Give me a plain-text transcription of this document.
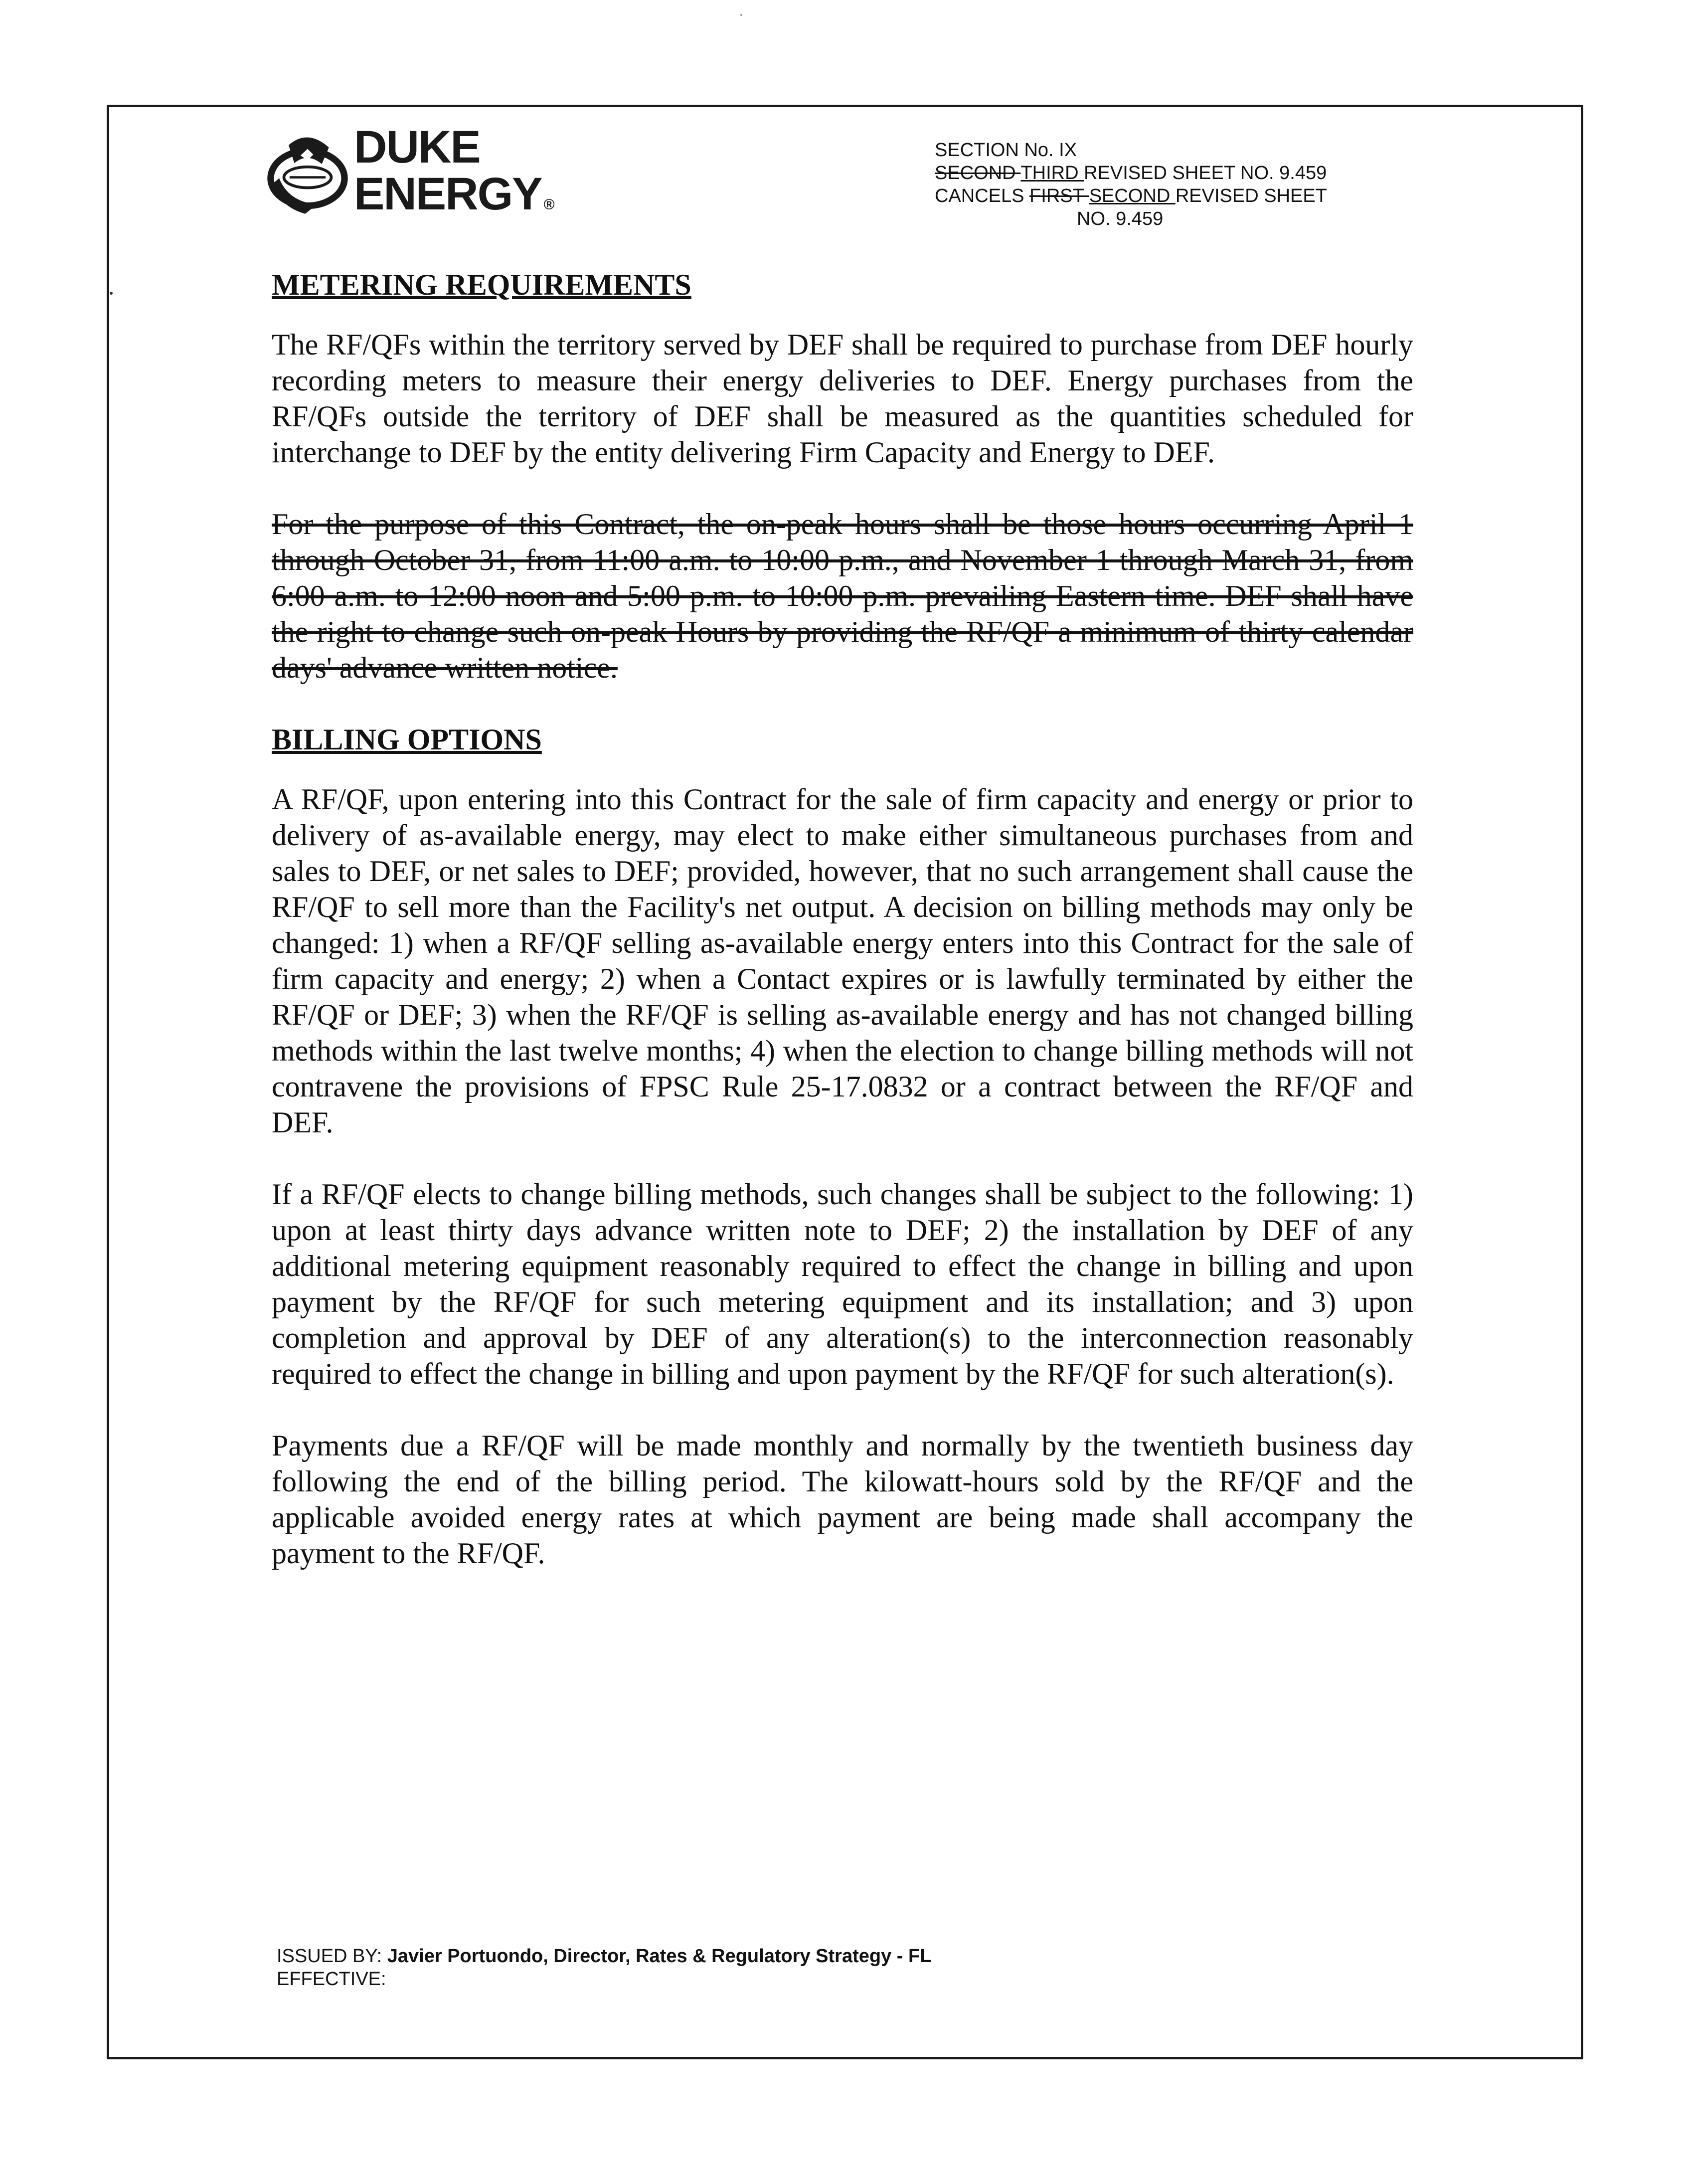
DUKE
ENERGY ®
SECTION No. IX
SECOND THIRD REVISED SHEET NO. 9.459
CANCELS FIRST SECOND REVISED SHEET
NO. 9.459
METERING REQUIREMENTS
The RF/QFs within the territory served by DEF shall be required to purchase from DEF hourly recording meters to measure their energy deliveries to DEF. Energy purchases from the RF/QFs outside the territory of DEF shall be measured as the quantities scheduled for interchange to DEF by the entity delivering Firm Capacity and Energy to DEF.
For the purpose of this Contract, the on-peak hours shall be those hours occurring April 1 through October 31, from 11:00 a.m. to 10:00 p.m., and November 1 through March 31, from 6:00 a.m. to 12:00 noon and 5:00 p.m. to 10:00 p.m. prevailing Eastern time. DEF shall have the right to change such on-peak Hours by providing the RF/QF a minimum of thirty calendar days' advance written notice.
BILLING OPTIONS
A RF/QF, upon entering into this Contract for the sale of firm capacity and energy or prior to delivery of as-available energy, may elect to make either simultaneous purchases from and sales to DEF, or net sales to DEF; provided, however, that no such arrangement shall cause the RF/QF to sell more than the Facility's net output. A decision on billing methods may only be changed: 1) when a RF/QF selling as-available energy enters into this Contract for the sale of firm capacity and energy; 2) when a Contact expires or is lawfully terminated by either the RF/QF or DEF; 3) when the RF/QF is selling as-available energy and has not changed billing methods within the last twelve months; 4) when the election to change billing methods will not contravene the provisions of FPSC Rule 25-17.0832 or a contract between the RF/QF and DEF.
If a RF/QF elects to change billing methods, such changes shall be subject to the following: 1) upon at least thirty days advance written note to DEF; 2) the installation by DEF of any additional metering equipment reasonably required to effect the change in billing and upon payment by the RF/QF for such metering equipment and its installation; and 3) upon completion and approval by DEF of any alteration(s) to the interconnection reasonably required to effect the change in billing and upon payment by the RF/QF for such alteration(s).
Payments due a RF/QF will be made monthly and normally by the twentieth business day following the end of the billing period. The kilowatt-hours sold by the RF/QF and the applicable avoided energy rates at which payment are being made shall accompany the payment to the RF/QF.
ISSUED BY: Javier Portuondo, Director, Rates & Regulatory Strategy - FL
EFFECTIVE:
